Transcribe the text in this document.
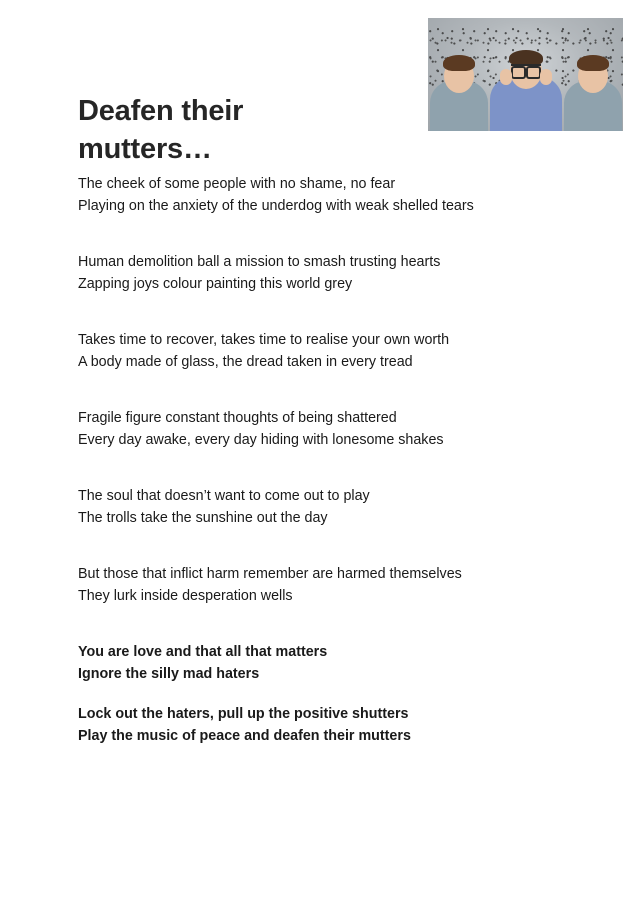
Deafen their
mutters…
The cheek of some people with no shame, no fear
Playing on the anxiety of the underdog with weak shelled tears
Human demolition ball a mission to smash trusting hearts
Zapping joys colour painting this world grey
Takes time to recover, takes time to realise your own worth
A body made of glass, the dread taken in every tread
Fragile figure constant thoughts of being shattered
Every day awake, every day hiding with lonesome shakes
The soul that doesn’t want to come out to play
The trolls take the sunshine out the day
But those that inflict harm remember are harmed themselves
They lurk inside desperation wells
You are love and that all that matters
Ignore the silly mad haters
Lock out the haters, pull up the positive shutters
Play the music of peace and deafen their mutters
